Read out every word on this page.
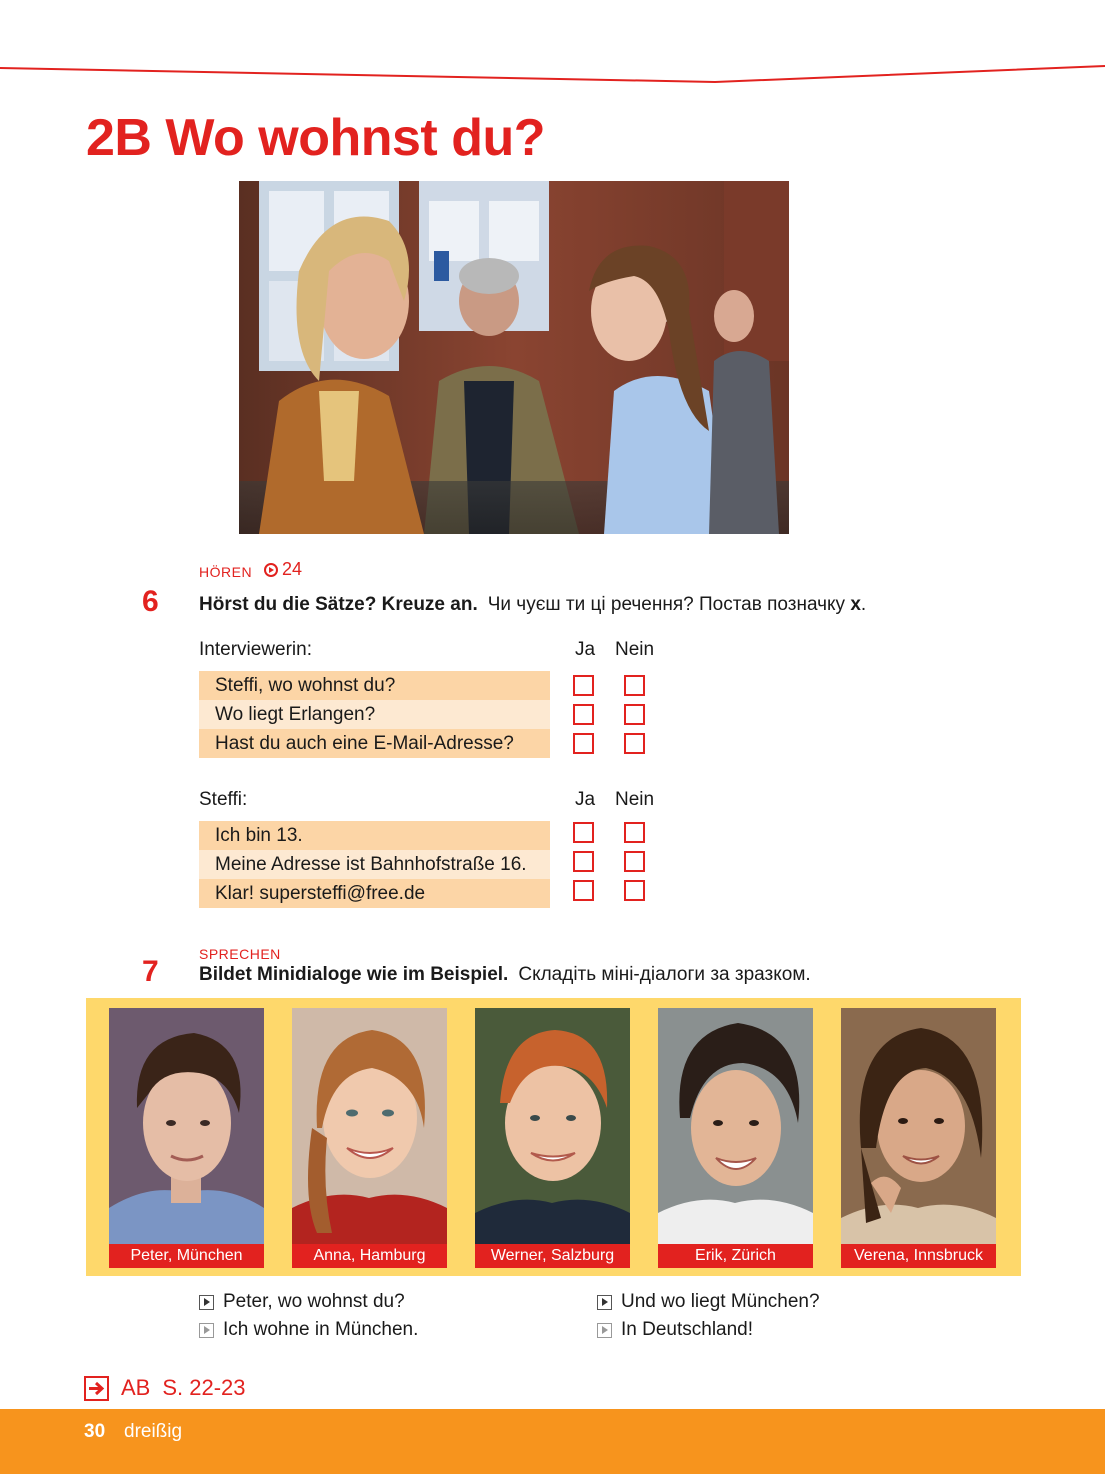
2B Wo wohnst du?
HÖREN 24
6 Hörst du die Sätze? Kreuze an. Чи чуєш ти ці речення? Постав позначку x.
Interviewerin:	Ja Nein
Steffi, wo wohnst du?
Wo liegt Erlangen?
Hast du auch eine E-Mail-Adresse?
Steffi:	Ja Nein
Ich bin 13.
Meine Adresse ist Bahnhofstraße 16.
Klar! supersteffi@free.de
SPRECHEN
7 Bildet Minidialoge wie im Beispiel. Складіть міні-діалоги за зразком.
Peter, München	Anna, Hamburg	Werner, Salzburg	Erik, Zürich	Verena, Innsbruck
Peter, wo wohnst du?
Ich wohne in München.
Und wo liegt München?
In Deutschland!
AB S. 22-23
30 dreißig
